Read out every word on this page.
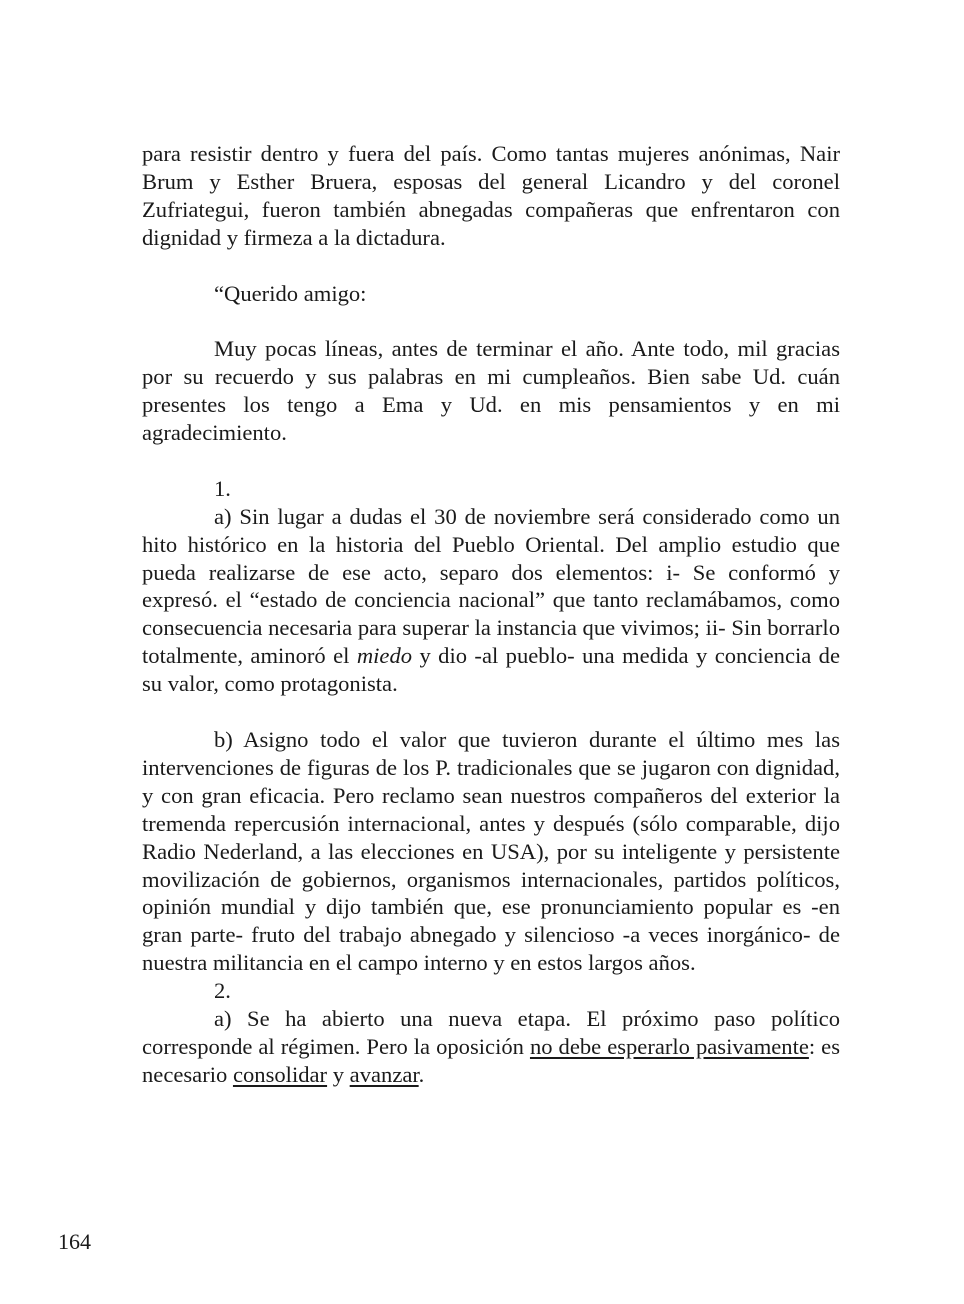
para resistir dentro y fuera del país. Como tantas mujeres anónimas, Nair Brum y Esther Bruera, esposas del general Licandro y del coronel Zufriategui, fueron también abnegadas compañeras que enfrentaron con dignidad y firmeza a la dictadura.

“Querido amigo:

Muy pocas líneas, antes de terminar el año. Ante todo, mil gracias por su recuerdo y sus palabras en mi cumpleaños. Bien sabe Ud. cuán presentes los tengo a Ema y Ud. en mis pensamientos y en mi agradecimiento.

1.

a) Sin lugar a dudas el 30 de noviembre será considerado como un hito histórico en la historia del Pueblo Oriental. Del amplio estudio que pueda realizarse de ese acto, separo dos elementos: i- Se conformó y expresó. el “estado de conciencia nacional” que tanto reclamábamos, como consecuencia necesaria para superar la instancia que vivimos; ii- Sin borrarlo totalmente, aminoró el miedo y dio -al pueblo- una medida y conciencia de su valor, como protagonista.

b) Asigno todo el valor que tuvieron durante el último mes las intervenciones de figuras de los P. tradicionales que se jugaron con dignidad, y con gran eficacia. Pero reclamo sean nuestros compañeros del exterior la tremenda repercusión internacional, antes y después (sólo comparable, dijo Radio Nederland, a las elecciones en USA), por su inteligente y persistente movilización de gobiernos, organismos internacionales, partidos políticos, opinión mundial y dijo también que, ese pronunciamiento popular es -en gran parte- fruto del trabajo abnegado y silencioso -a veces inorgánico- de nuestra militancia en el campo interno y en estos largos años.

2.

a) Se ha abierto una nueva etapa. El próximo paso político corresponde al régimen. Pero la oposición no debe esperarlo pasivamente: es necesario consolidar y avanzar.

164
